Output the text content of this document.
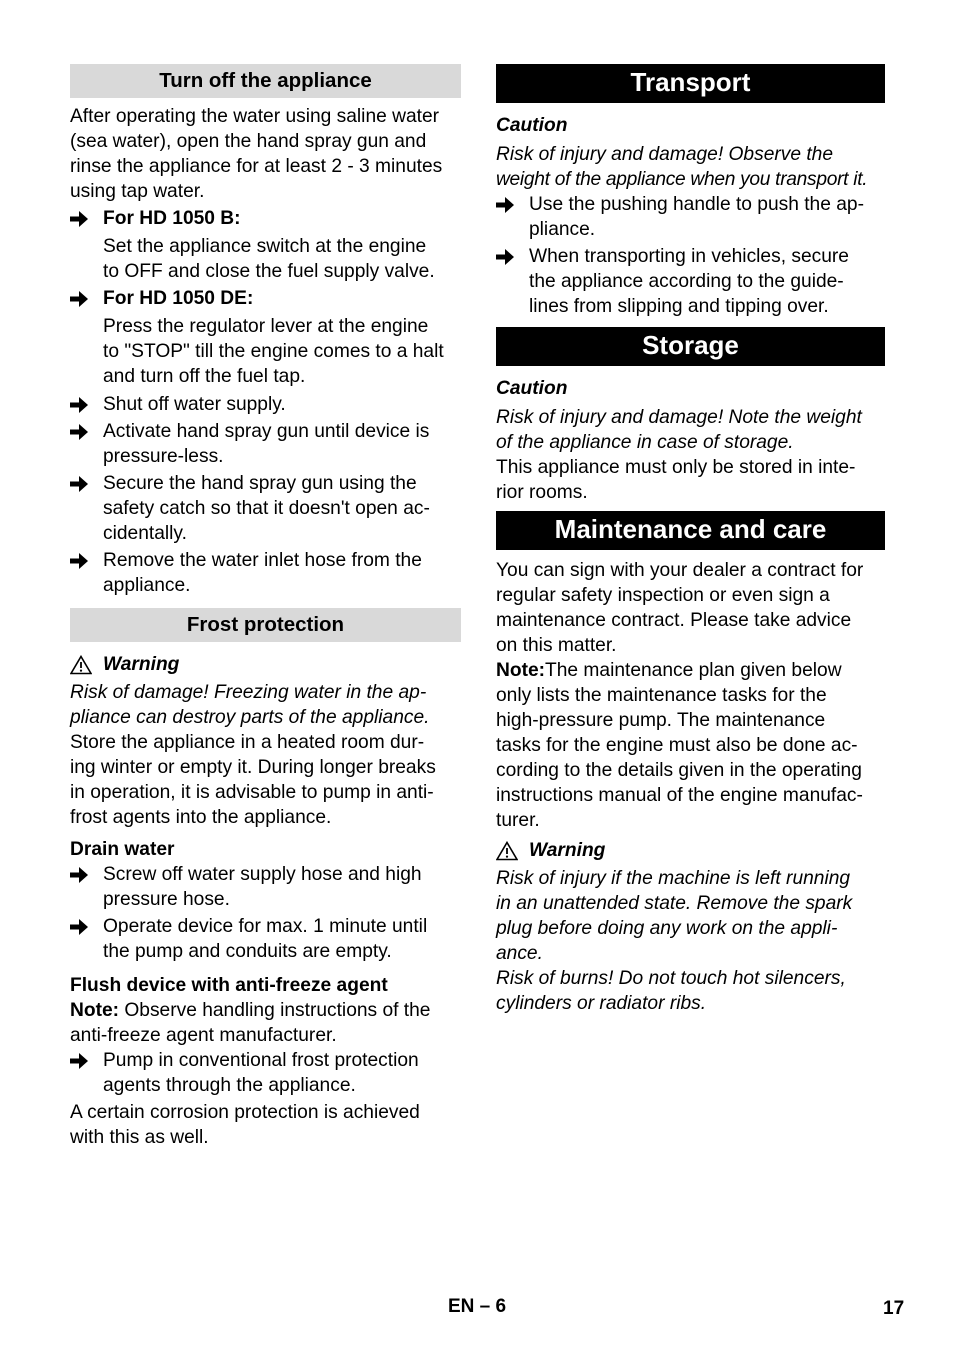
Turn off the appliance
After operating the water using saline water
(sea water), open the hand spray gun and
rinse the appliance for at least 2 - 3 minutes
using tap water.
For HD 1050 B:
Set the appliance switch at the engine
to OFF and close the fuel supply valve.
For HD 1050 DE:
Press the regulator lever at the engine
to "STOP" till the engine comes to a halt
and turn off the fuel tap.
Shut off water supply.
Activate hand spray gun until device is
pressure-less.
Secure the hand spray gun using the
safety catch so that it doesn't open ac-
cidentally.
Remove the water inlet hose from the
appliance.
Frost protection
Warning
Risk of damage! Freezing water in the ap-
pliance can destroy parts of the appliance.
Store the appliance in a heated room dur-
ing winter or empty it. During longer breaks
in operation, it is advisable to pump in anti-
frost agents into the appliance.
Drain water
Screw off water supply hose and high
pressure hose.
Operate device for max. 1 minute until
the pump and conduits are empty.
Flush device with anti-freeze agent
Note: Observe handling instructions of the
anti-freeze agent manufacturer.
Pump in conventional frost protection
agents through the appliance.
A certain corrosion protection is achieved
with this as well.
Transport
Caution
Risk of injury and damage! Observe the
weight of the appliance when you transport it.
Use the pushing handle to push the ap-
pliance.
When transporting in vehicles, secure
the appliance according to the guide-
lines from slipping and tipping over.
Storage
Caution
Risk of injury and damage! Note the weight
of the appliance in case of storage.
This appliance must only be stored in inte-
rior rooms.
Maintenance and care
You can sign with your dealer a contract for
regular safety inspection or even sign a
maintenance contract. Please take advice
on this matter.
Note:The maintenance plan given below
only lists the maintenance tasks for the
high-pressure pump. The maintenance
tasks for the engine must also be done ac-
cording to the details given in the operating
instructions manual of the engine manufac-
turer.
Warning
Risk of injury if the machine is left running
in an unattended state. Remove the spark
plug before doing any work on the appli-
ance.
Risk of burns! Do not touch hot silencers,
cylinders or radiator ribs.
EN – 6	17
